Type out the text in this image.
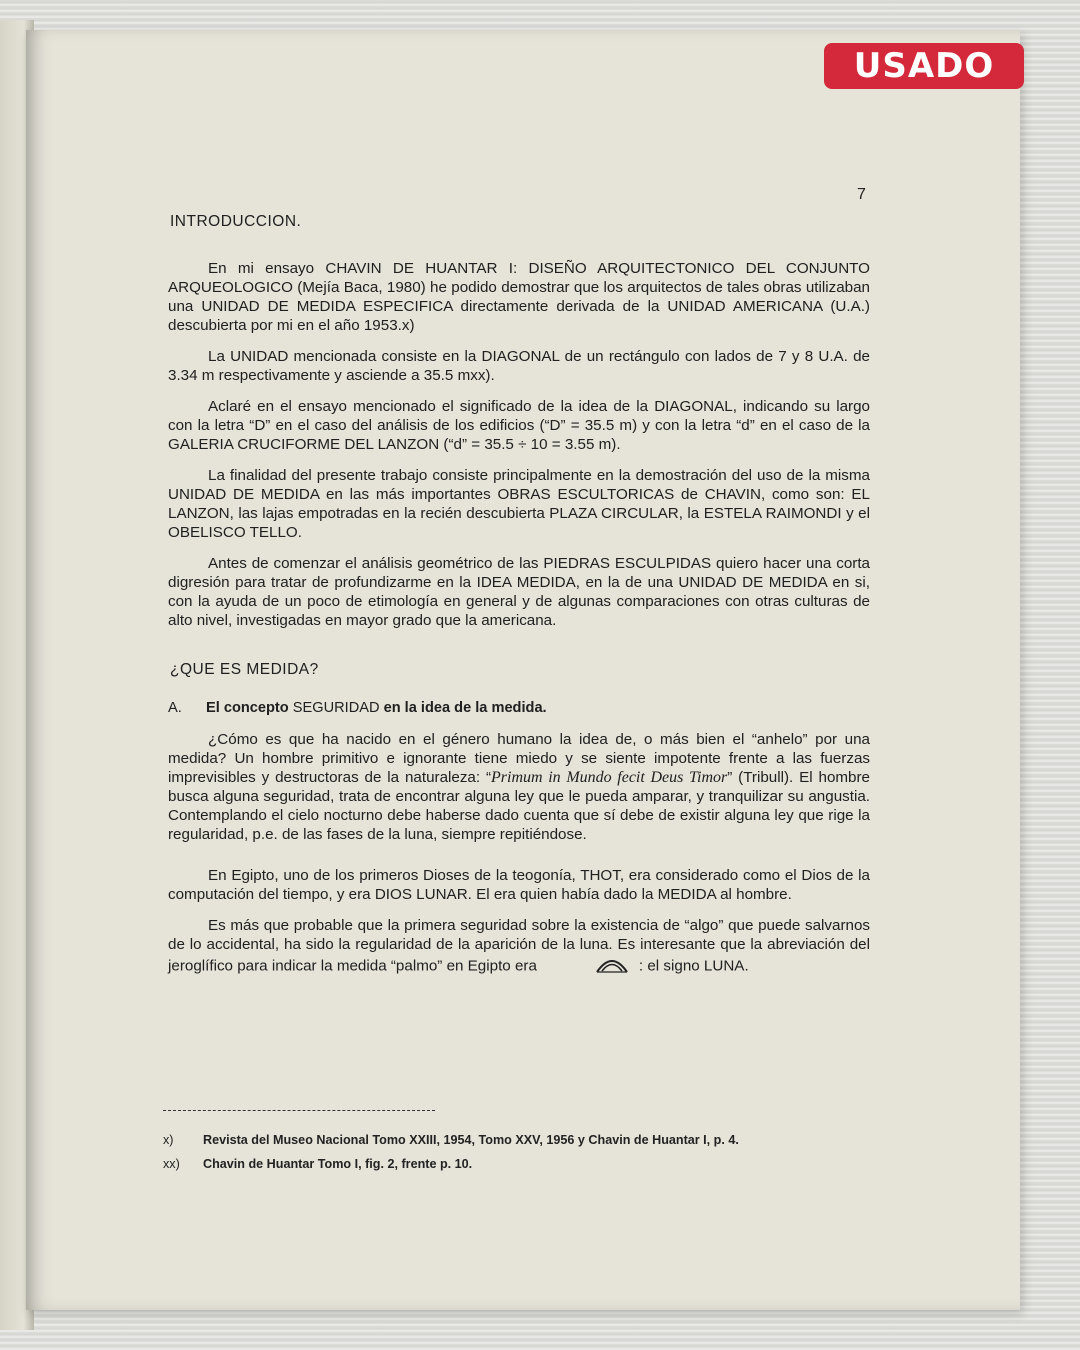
USADO
7
INTRODUCCION.

En mi ensayo CHAVIN DE HUANTAR I: DISEÑO ARQUITECTONICO DEL CONJUNTO ARQUEOLOGICO (Mejía Baca, 1980) he podido demostrar que los arquitectos de tales obras utilizaban una UNIDAD DE MEDIDA ESPECIFICA directamente derivada de la UNIDAD AMERICANA (U.A.) descubierta por mi en el año 1953.x)

La UNIDAD mencionada consiste en la DIAGONAL de un rectángulo con lados de 7 y 8 U.A. de 3.34 m respectivamente y asciende a 35.5 mxx).

Aclaré en el ensayo mencionado el significado de la idea de la DIAGONAL, indicando su largo con la letra “D” en el caso del análisis de los edificios (“D” = 35.5 m) y con la letra “d” en el caso de la GALERIA CRUCIFORME DEL LANZON (“d” = 35.5 ÷ 10 = 3.55 m).

La finalidad del presente trabajo consiste principalmente en la demostración del uso de la misma UNIDAD DE MEDIDA en las más importantes OBRAS ESCULTORICAS de CHAVIN, como son: EL LANZON, las lajas empotradas en la recién descubierta PLAZA CIRCULAR, la ESTELA RAIMONDI y el OBELISCO TELLO.

Antes de comenzar el análisis geométrico de las PIEDRAS ESCULPIDAS quiero hacer una corta digresión para tratar de profundizarme en la IDEA MEDIDA, en la de una UNIDAD DE MEDIDA en si, con la ayuda de un poco de etimología en general y de algunas comparaciones con otras culturas de alto nivel, investigadas en mayor grado que la americana.

¿QUE ES MEDIDA?
A. El concepto SEGURIDAD en la idea de la medida.

¿Cómo es que ha nacido en el género humano la idea de, o más bien el “anhelo” por una medida? Un hombre primitivo e ignorante tiene miedo y se siente impotente frente a las fuerzas imprevisibles y destructoras de la naturaleza: “Primum in Mundo fecit Deus Timor” (Tribull). El hombre busca alguna seguridad, trata de encontrar alguna ley que le pueda amparar, y tranquilizar su angustia. Contemplando el cielo nocturno debe haberse dado cuenta que sí debe de existir alguna ley que rige la regularidad, p.e. de las fases de la luna, siempre repitiéndose.

En Egipto, uno de los primeros Dioses de la teogonía, THOT, era considerado como el Dios de la computación del tiempo, y era DIOS LUNAR. El era quien había dado la MEDIDA al hombre.

Es más que probable que la primera seguridad sobre la existencia de “algo” que puede salvarnos de lo accidental, ha sido la regularidad de la aparición de la luna. Es interesante que la abreviación del jeroglífico para indicar la medida “palmo” en Egipto era	: el signo LUNA.

x)	Revista del Museo Nacional Tomo XXIII, 1954, Tomo XXV, 1956 y Chavin de Huantar I, p. 4.
xx)	Chavin de Huantar Tomo I, fig. 2, frente p. 10.
